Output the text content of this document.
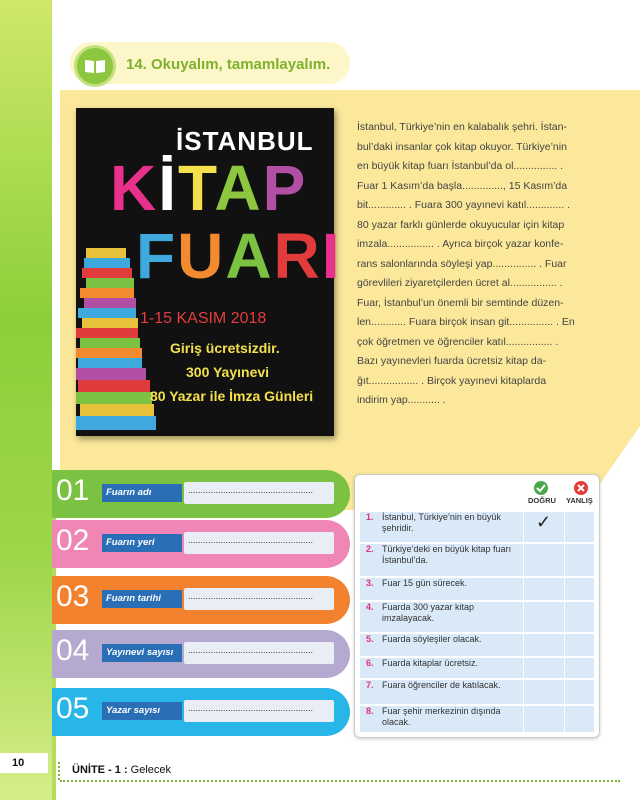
14. Okuyalım, tamamlayalım.
İSTANBUL
KİTAP
FUARI
1-15 KASIM 2018
Giriş ücretsizdir.
300 Yayınevi
80 Yazar ile İmza Günleri
İstanbul, Türkiye’nin en kalabalık şehri. İstan-
bul’daki insanlar çok kitap okuyor. Türkiye’nin
en büyük kitap fuarı İstanbul’da ol............... .
Fuar 1 Kasım’da başla.............., 15 Kasım’da
bit............. . Fuara 300 yayınevi katıl............. .
80 yazar farklı günlerde okuyucular için kitap
imzala................ . Ayrıca birçok yazar konfe-
rans salonlarında söyleşi yap............... . Fuar
görevlileri ziyaretçilerden ücret al................ .
Fuar, İstanbul’un önemli bir semtinde düzen-
len............ Fuara birçok insan git............... . En
çok öğretmen ve öğrenciler katıl................ .
Bazı yayınevleri fuarda ücretsiz kitap da-
ğıt................. . Birçok yayınevi kitaplarda
indirim yap........... .
01	Fuarın adı	..................................................
02	Fuarın yeri	..................................................
03	Fuarın tarihi	..................................................
04	Yayınevi sayısı	..................................................
05	Yazar sayısı	..................................................
DOĞRU YANLIŞ
1. İstanbul, Türkiye’nin en büyük şehridir.	✓
2. Türkiye’deki en büyük kitap fuarı İstanbul’da.
3. Fuar 15 gün sürecek.
4. Fuarda 300 yazar kitap imzalayacak.
5. Fuarda söyleşiler olacak.
6. Fuarda kitaplar ücretsiz.
7. Fuara öğrenciler de katılacak.
8. Fuar şehir merkezinin dışında olacak.
10
ÜNİTE - 1 : Gelecek
